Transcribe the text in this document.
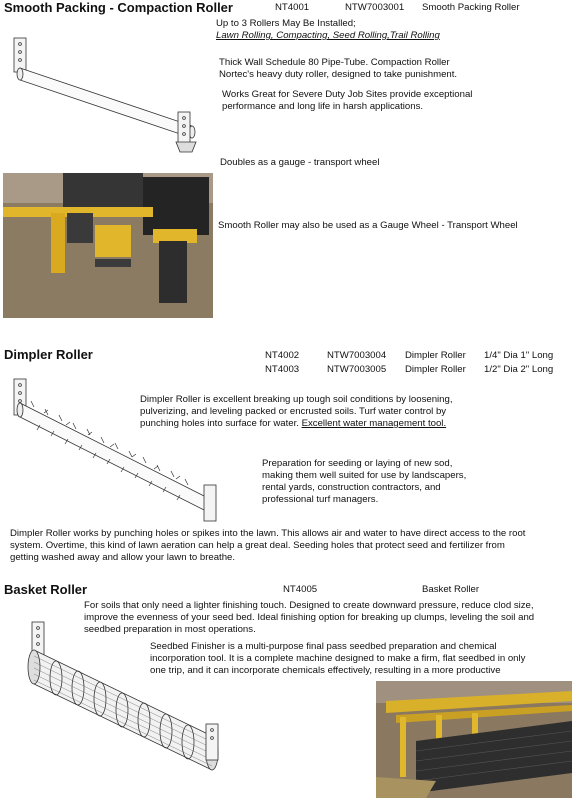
Smooth Packing - Compaction Roller	NT4001	NTW7003001 Smooth Packing Roller
Up to 3 Rollers May Be Installed;
Lawn Rolling, Compacting, Seed Rolling,Trail Rolling
Thick Wall Schedule 80 Pipe-Tube. Compaction Roller
Nortec's heavy duty roller, designed to take punishment.
Works Great for Severe Duty Job Sites provide exceptional
performance and long life in harsh applications.
Doubles as a gauge - transport wheel
Smooth Roller may also be used as a Gauge Wheel - Transport Wheel
Dimpler Roller	NT4002	NTW7003004 Dimpler Roller 1/4" Dia 1" Long
NT4003	NTW7003005 Dimpler Roller 1/2" Dia 2" Long
Dimpler Roller is excellent breaking up tough soil conditions by loosening,
pulverizing, and leveling packed or encrusted soils. Turf water control by
punching holes into surface for water. Excellent water management tool.
Preparation for seeding or laying of new sod,
making them well suited for use by landscapers,
rental yards, construction contractors, and
professional turf managers.
Dimpler Roller works by punching holes or spikes into the lawn. This allows air and water to have direct access to the root
system. Overtime, this kind of lawn aeration can help a great deal. Seeding holes that protect seed and fertilizer from
getting washed away and allow your lawn to breathe.
Basket Roller	NT4005	Basket Roller
For soils that only need a lighter finishing touch. Designed to create downward pressure, reduce clod size,
improve the evenness of your seed bed. Ideal finishing option for breaking up clumps, leveling the soil and
seedbed preparation in most operations.
Seedbed Finisher is a multi-purpose final pass seedbed preparation and chemical
incorporation tool. It is a complete machine designed to make a firm, flat seedbed in only
one trip, and it can incorporate chemicals effectively, resulting in a more productive
